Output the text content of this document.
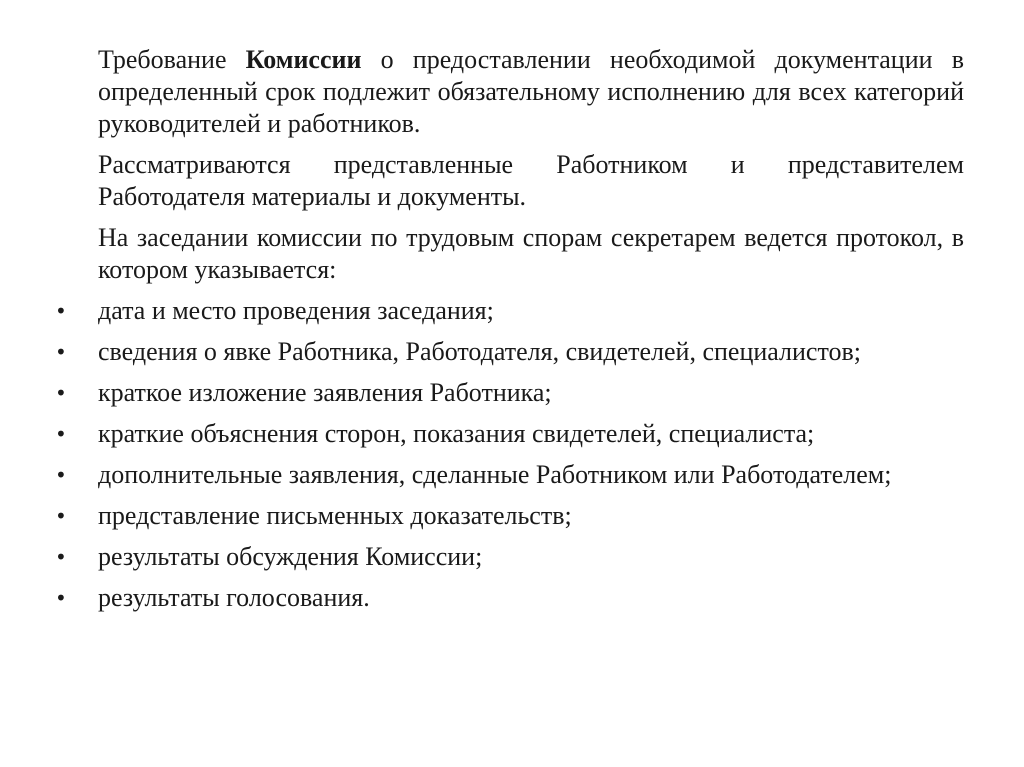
Требование Комиссии о предоставлении необходимой документации в определенный срок подлежит обязательному исполнению для всех категорий руководителей и работников.

Рассматриваются представленные Работником и представителем Работодателя материалы и документы.

На заседании комиссии по трудовым спорам секретарем ведется протокол, в котором указывается:

•	дата и место проведения заседания;
•	сведения о явке Работника, Работодателя, свидетелей, специалистов;
•	краткое изложение заявления Работника;
•	краткие объяснения сторон, показания свидетелей, специалиста;
•	дополнительные заявления, сделанные Работником или Работодателем;
•	представление письменных доказательств;
•	результаты обсуждения Комиссии;
•	результаты голосования.
